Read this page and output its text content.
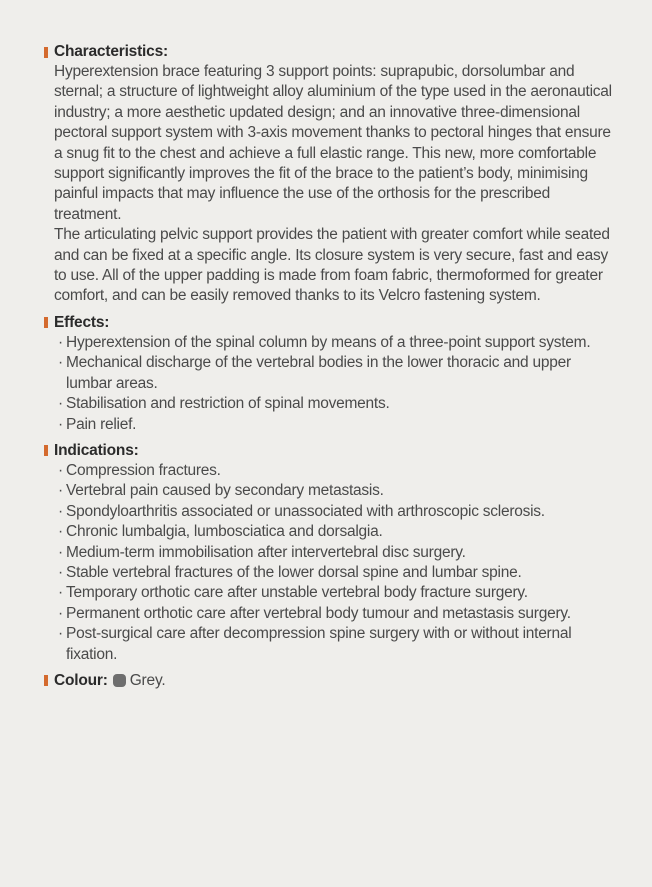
Characteristics:

Hyperextension brace featuring 3 support points: suprapubic, dorsolumbar and sternal; a structure of lightweight alloy aluminium of the type used in the aeronautical industry; a more aesthetic updated design; and an innovative three-dimensional pectoral support system with 3-axis movement thanks to pectoral hinges that ensure a snug fit to the chest and achieve a full elastic range. This new, more comfortable support significantly improves the fit of the brace to the patient’s body, minimising painful impacts that may influence the use of the orthosis for the prescribed treatment.

The articulating pelvic support provides the patient with greater comfort while seated and can be fixed at a specific angle. Its closure system is very secure, fast and easy to use. All of the upper padding is made from foam fabric, thermoformed for greater comfort, and can be easily removed thanks to its Velcro fastening system.

Effects:
· Hyperextension of the spinal column by means of a three-point support system.
· Mechanical discharge of the vertebral bodies in the lower thoracic and upper lumbar areas.
· Stabilisation and restriction of spinal movements.
· Pain relief.
Indications:
· Compression fractures.
· Vertebral pain caused by secondary metastasis.
· Spondyloarthritis associated or unassociated with arthroscopic sclerosis.
· Chronic lumbalgia, lumbosciatica and dorsalgia.
· Medium-term immobilisation after intervertebral disc surgery.
· Stable vertebral fractures of the lower dorsal spine and lumbar spine.
· Temporary orthotic care after unstable vertebral body fracture surgery.
· Permanent orthotic care after vertebral body tumour and metastasis surgery.
· Post-surgical care after decompression spine surgery with or without internal fixation.
Colour: Grey.
